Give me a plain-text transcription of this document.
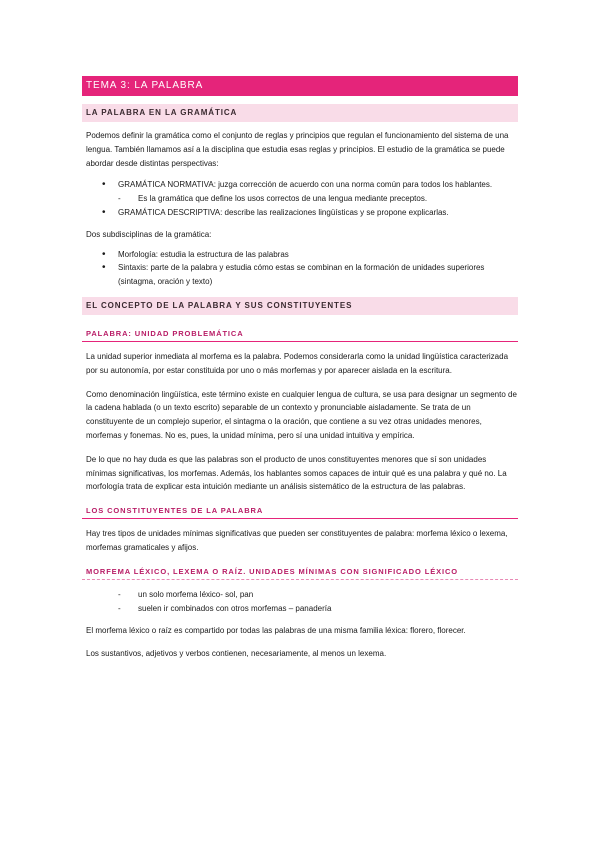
TEMA 3: LA PALABRA
LA PALABRA EN LA GRAMÁTICA

Podemos definir la gramática como el conjunto de reglas y principios que regulan el funcionamiento del sistema de una lengua. También llamamos así a la disciplina que estudia esas reglas y principios. El estudio de la gramática se puede abordar desde distintas perspectivas:

• GRAMÁTICA NORMATIVA: juzga corrección de acuerdo con una norma común para todos los hablantes.
- Es la gramática que define los usos correctos de una lengua mediante preceptos.
• GRAMÁTICA DESCRIPTIVA: describe las realizaciones lingüísticas y se propone explicarlas.

Dos subdisciplinas de la gramática:

• Morfología: estudia la estructura de las palabras
• Sintaxis: parte de la palabra y estudia cómo estas se combinan en la formación de unidades superiores (sintagma, oración y texto)
EL CONCEPTO DE LA PALABRA Y SUS CONSTITUYENTES
PALABRA: UNIDAD PROBLEMÁTICA

La unidad superior inmediata al morfema es la palabra. Podemos considerarla como la unidad lingüística caracterizada por su autonomía, por estar constituida por uno o más morfemas y por aparecer aislada en la escritura.

Como denominación lingüística, este término existe en cualquier lengua de cultura, se usa para designar un segmento de la cadena hablada (o un texto escrito) separable de un contexto y pronunciable aisladamente. Se trata de un constituyente de un complejo superior, el sintagma o la oración, que contiene a su vez otras unidades menores, morfemas y fonemas. No es, pues, la unidad mínima, pero sí una unidad intuitiva y empírica.

De lo que no hay duda es que las palabras son el producto de unos constituyentes menores que sí son unidades mínimas significativas, los morfemas. Además, los hablantes somos capaces de intuir qué es una palabra y qué no. La morfología trata de explicar esta intuición mediante un análisis sistemático de la estructura de las palabras.

LOS CONSTITUYENTES DE LA PALABRA

Hay tres tipos de unidades mínimas significativas que pueden ser constituyentes de palabra: morfema léxico o lexema, morfemas gramaticales y afijos.

MORFEMA LÉXICO, LEXEMA O RAÍZ. UNIDADES MÍNIMAS CON SIGNIFICADO LÉXICO
- un solo morfema léxico- sol, pan
- suelen ir combinados con otros morfemas – panadería

El morfema léxico o raíz es compartido por todas las palabras de una misma familia léxica: florero, florecer.

Los sustantivos, adjetivos y verbos contienen, necesariamente, al menos un lexema.
